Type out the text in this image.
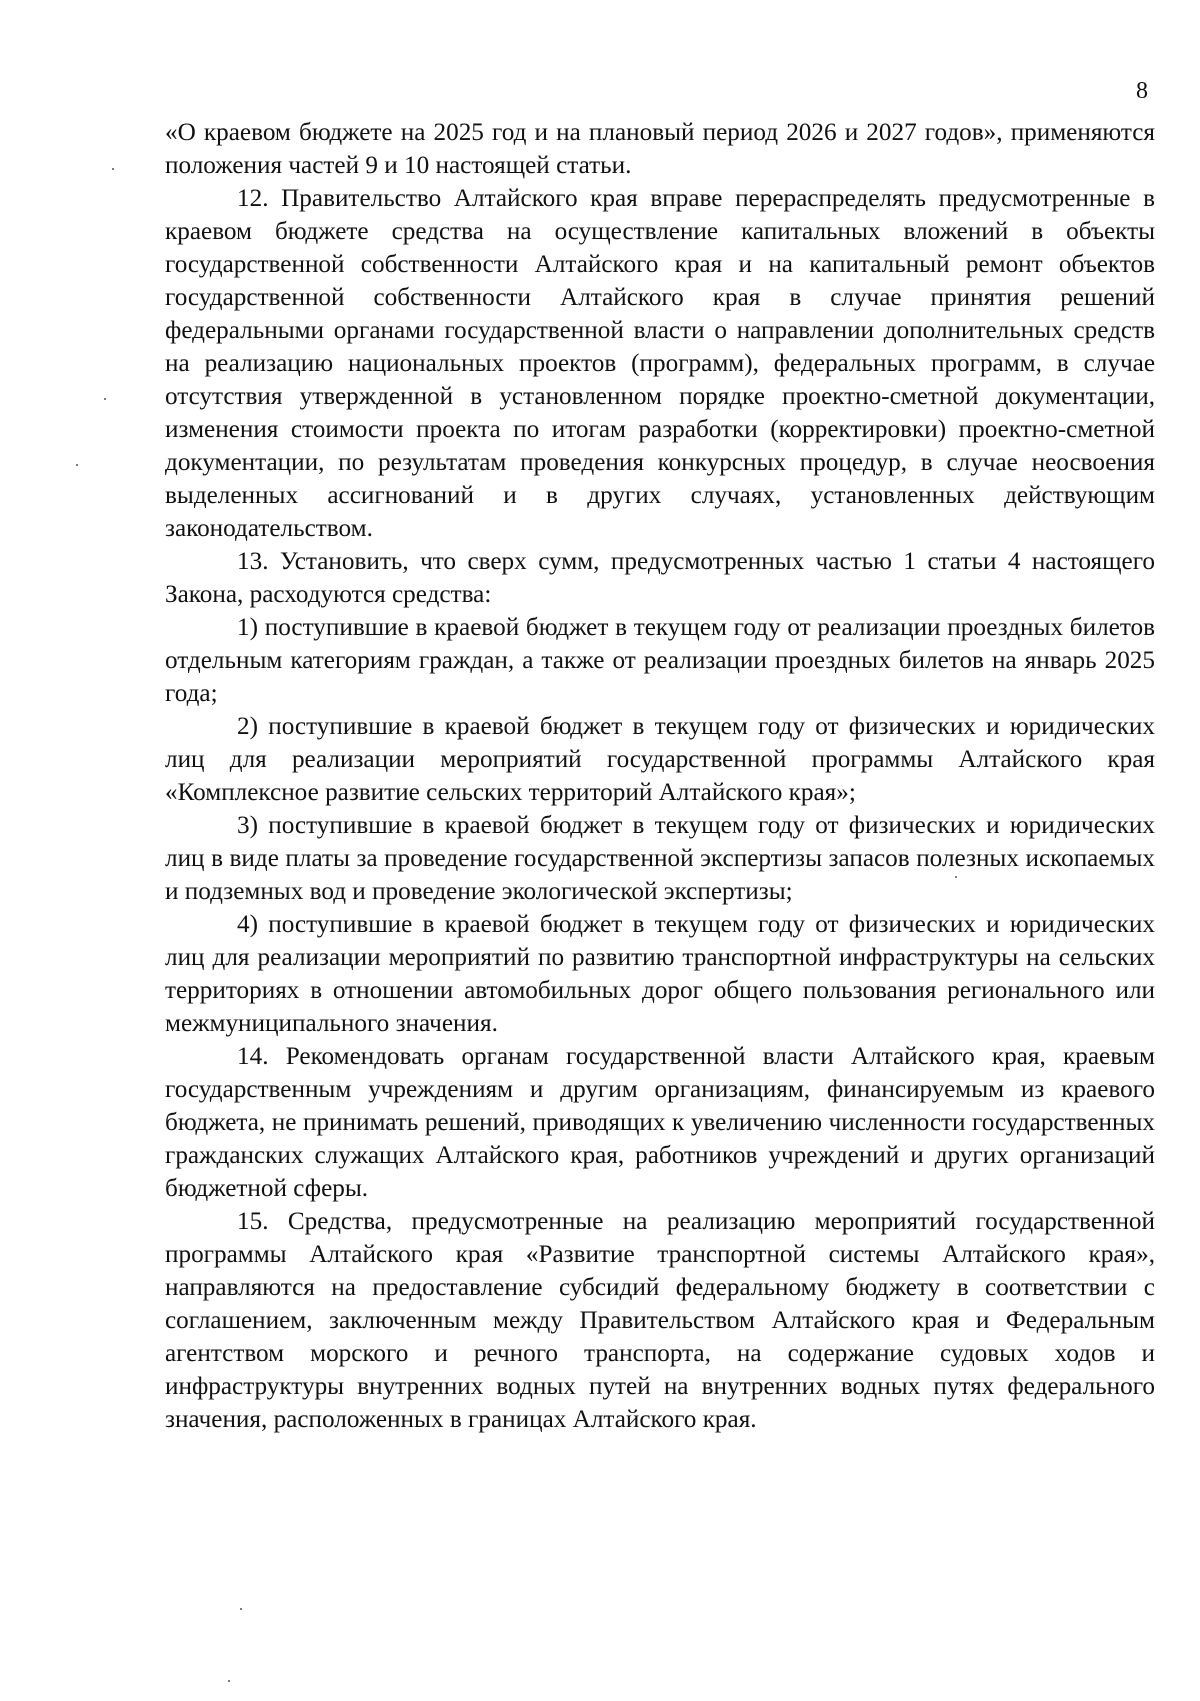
8

«О краевом бюджете на 2025 год и на плановый период 2026 и 2027 годов», применяются положения частей 9 и 10 настоящей статьи.

12. Правительство Алтайского края вправе перераспределять предусмотренные в краевом бюджете средства на осуществление капитальных вложений в объекты государственной собственности Алтайского края и на капитальный ремонт объектов государственной собственности Алтайского края в случае принятия решений федеральными органами государственной власти о направлении дополнительных средств на реализацию национальных проектов (программ), федеральных программ, в случае отсутствия утвержденной в установленном порядке проектно-сметной документации, изменения стоимости проекта по итогам разработки (корректировки) проектно-сметной документации, по результатам проведения конкурсных процедур, в случае неосвоения выделенных ассигнований и в других случаях, установленных действующим законодательством.

13. Установить, что сверх сумм, предусмотренных частью 1 статьи 4 настоящего Закона, расходуются средства:

1) поступившие в краевой бюджет в текущем году от реализации проездных билетов отдельным категориям граждан, а также от реализации проездных билетов на январь 2025 года;

2) поступившие в краевой бюджет в текущем году от физических и юридических лиц для реализации мероприятий государственной программы Алтайского края «Комплексное развитие сельских территорий Алтайского края»;

3) поступившие в краевой бюджет в текущем году от физических и юридических лиц в виде платы за проведение государственной экспертизы запасов полезных ископаемых и подземных вод и проведение экологической экспертизы;

4) поступившие в краевой бюджет в текущем году от физических и юридических лиц для реализации мероприятий по развитию транспортной инфраструктуры на сельских территориях в отношении автомобильных дорог общего пользования регионального или межмуниципального значения.

14. Рекомендовать органам государственной власти Алтайского края, краевым государственным учреждениям и другим организациям, финансируемым из краевого бюджета, не принимать решений, приводящих к увеличению численности государственных гражданских служащих Алтайского края, работников учреждений и других организаций бюджетной сферы.

15. Средства, предусмотренные на реализацию мероприятий государственной программы Алтайского края «Развитие транспортной системы Алтайского края», направляются на предоставление субсидий федеральному бюджету в соответствии с соглашением, заключенным между Правительством Алтайского края и Федеральным агентством морского и речного транспорта, на содержание судовых ходов и инфраструктуры внутренних водных путей на внутренних водных путях федерального значения, расположенных в границах Алтайского края.
